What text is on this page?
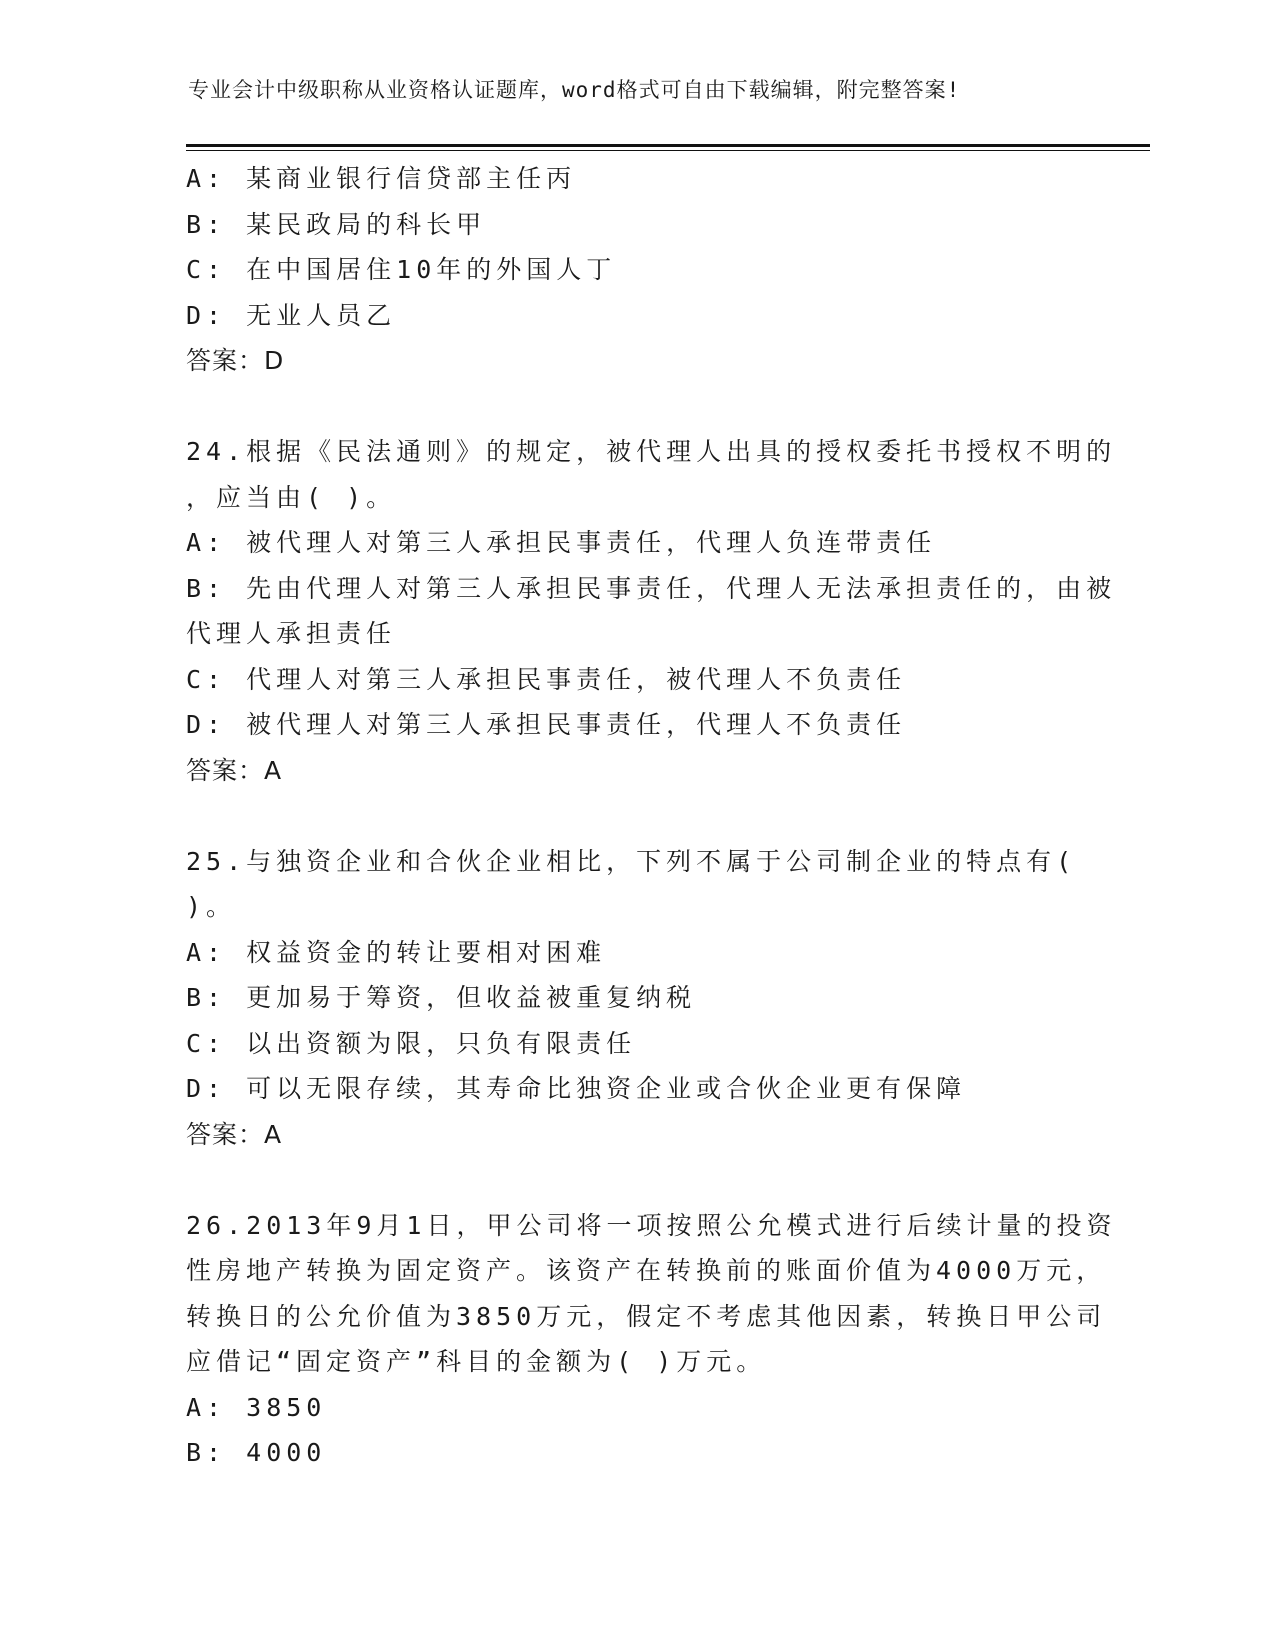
专业会计中级职称从业资格认证题库，word格式可自由下载编辑，附完整答案!
A: 某商业银行信贷部主任丙
B: 某民政局的科长甲
C: 在中国居住10年的外国人丁
D: 无业人员乙
答案：D
24.根据《民法通则》的规定，被代理人出具的授权委托书授权不明的
，应当由( )。
A: 被代理人对第三人承担民事责任，代理人负连带责任
B: 先由代理人对第三人承担民事责任，代理人无法承担责任的，由被
代理人承担责任
C: 代理人对第三人承担民事责任，被代理人不负责任
D: 被代理人对第三人承担民事责任，代理人不负责任
答案：A
25.与独资企业和合伙企业相比，下列不属于公司制企业的特点有(
)。
A: 权益资金的转让要相对困难
B: 更加易于筹资，但收益被重复纳税
C: 以出资额为限，只负有限责任
D: 可以无限存续，其寿命比独资企业或合伙企业更有保障
答案：A
26.2013年9月1日，甲公司将一项按照公允模式进行后续计量的投资
性房地产转换为固定资产。该资产在转换前的账面价值为4000万元，
转换日的公允价值为3850万元，假定不考虑其他因素，转换日甲公司
应借记“固定资产”科目的金额为( )万元。
A: 3850
B: 4000
